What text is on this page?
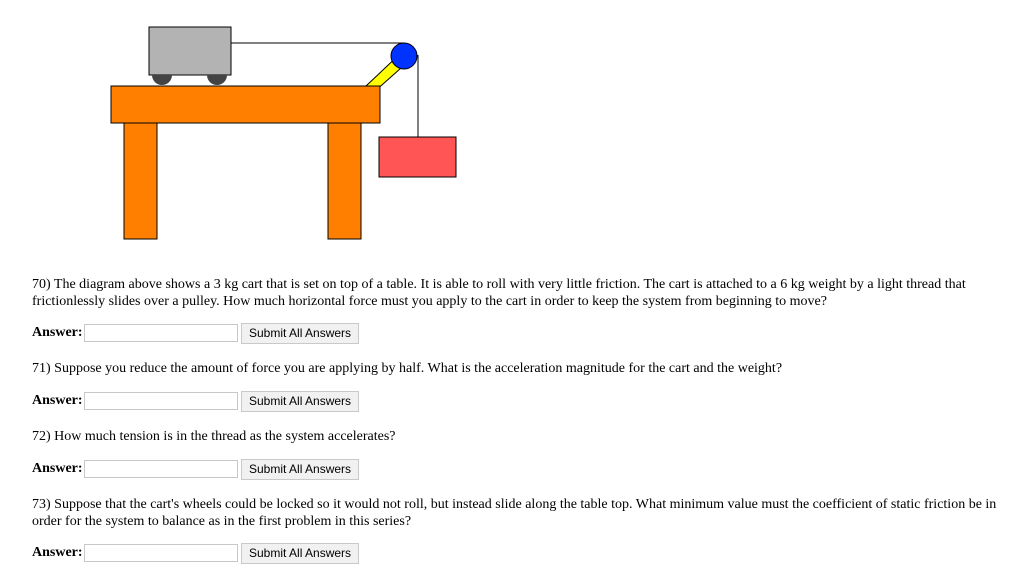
70) The diagram above shows a 3 kg cart that is set on top of a table. It is able to roll with very little friction. The cart is attached to a 6 kg weight by a light thread that frictionlessly slides over a pulley. How much horizontal force must you apply to the cart in order to keep the system from beginning to move?
Answer:	Submit All Answers
71) Suppose you reduce the amount of force you are applying by half. What is the acceleration magnitude for the cart and the weight?
Answer:	Submit All Answers
72) How much tension is in the thread as the system accelerates?
Answer:	Submit All Answers
73) Suppose that the cart's wheels could be locked so it would not roll, but instead slide along the table top. What minimum value must the coefficient of static friction be in order for the system to balance as in the first problem in this series?
Answer:	Submit All Answers
